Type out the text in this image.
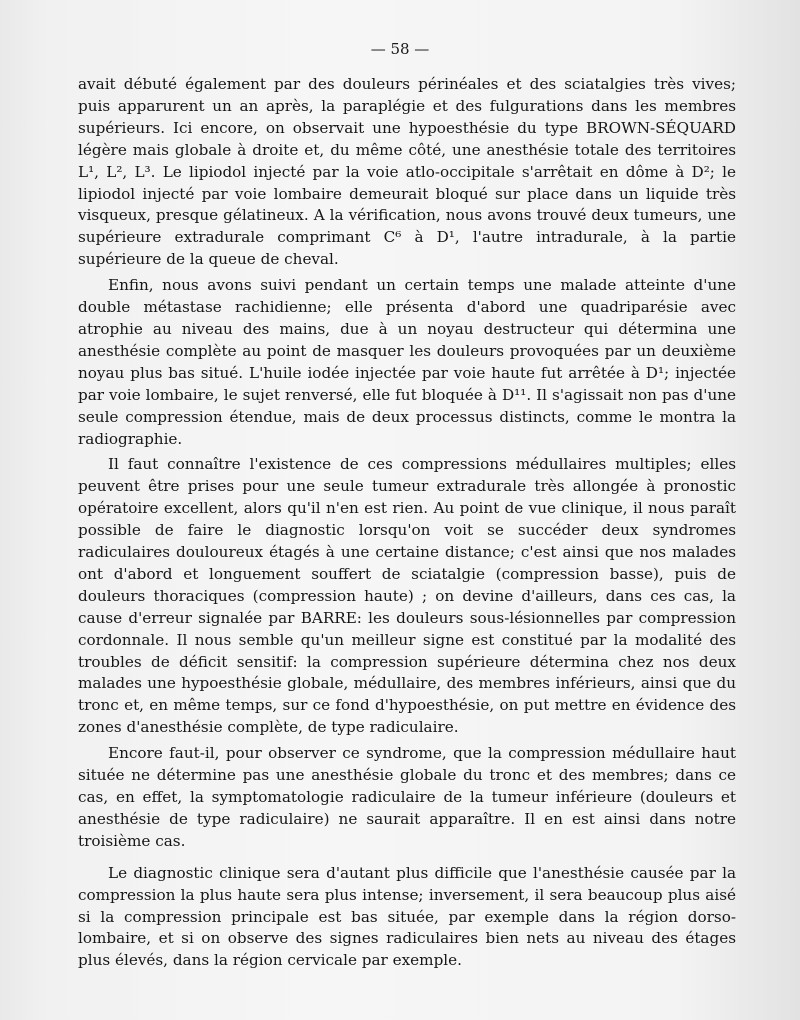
— 58 —

avait débuté également par des douleurs périnéales et des sciatalgies très vives; puis apparurent un an après, la paraplégie et des fulgurations dans les membres supérieurs. Ici encore, on observait une hypoesthésie du type BROWN-SÉQUARD légère mais globale à droite et, du même côté, une anesthésie totale des territoires L¹, L², L³. Le lipiodol injecté par la voie atlo-occipitale s'arrêtait en dôme à D²; le lipiodol injecté par voie lombaire demeurait bloqué sur place dans un liquide très visqueux, presque gélatineux. A la vérification, nous avons trouvé deux tumeurs, une supérieure extradurale comprimant C⁶ à D¹, l'autre intradurale, à la partie supérieure de la queue de cheval.

Enfin, nous avons suivi pendant un certain temps une malade atteinte d'une double métastase rachidienne; elle présenta d'abord une quadriparésie avec atrophie au niveau des mains, due à un noyau destructeur qui détermina une anesthésie complète au point de masquer les douleurs provoquées par un deuxième noyau plus bas situé. L'huile iodée injectée par voie haute fut arrêtée à D¹; injectée par voie lombaire, le sujet renversé, elle fut bloquée à D¹¹. Il s'agissait non pas d'une seule compression étendue, mais de deux processus distincts, comme le montra la radiographie.

Il faut connaître l'existence de ces compressions médullaires multiples; elles peuvent être prises pour une seule tumeur extradurale très allongée à pronostic opératoire excellent, alors qu'il n'en est rien. Au point de vue clinique, il nous paraît possible de faire le diagnostic lorsqu'on voit se succéder deux syndromes radiculaires douloureux étagés à une certaine distance; c'est ainsi que nos malades ont d'abord et longuement souffert de sciatalgie (compression basse), puis de douleurs thoraciques (compression haute) ; on devine d'ailleurs, dans ces cas, la cause d'erreur signalée par BARRE: les douleurs sous-lésionnelles par compression cordonnale. Il nous semble qu'un meilleur signe est constitué par la modalité des troubles de déficit sensitif: la compression supérieure détermina chez nos deux malades une hypoesthésie globale, médullaire, des membres inférieurs, ainsi que du tronc et, en même temps, sur ce fond d'hypoesthésie, on put mettre en évidence des zones d'anesthésie complète, de type radiculaire.

Encore faut-il, pour observer ce syndrome, que la compression médullaire haut située ne détermine pas une anesthésie globale du tronc et des membres; dans ce cas, en effet, la symptomatologie radiculaire de la tumeur inférieure (douleurs et anesthésie de type radiculaire) ne saurait apparaître. Il en est ainsi dans notre troisième cas.

Le diagnostic clinique sera d'autant plus difficile que l'anesthésie causée par la compression la plus haute sera plus intense; inversement, il sera beaucoup plus aisé si la compression principale est bas située, par exemple dans la région dorso-lombaire, et si on observe des signes radiculaires bien nets au niveau des étages plus élevés, dans la région cervicale par exemple.
